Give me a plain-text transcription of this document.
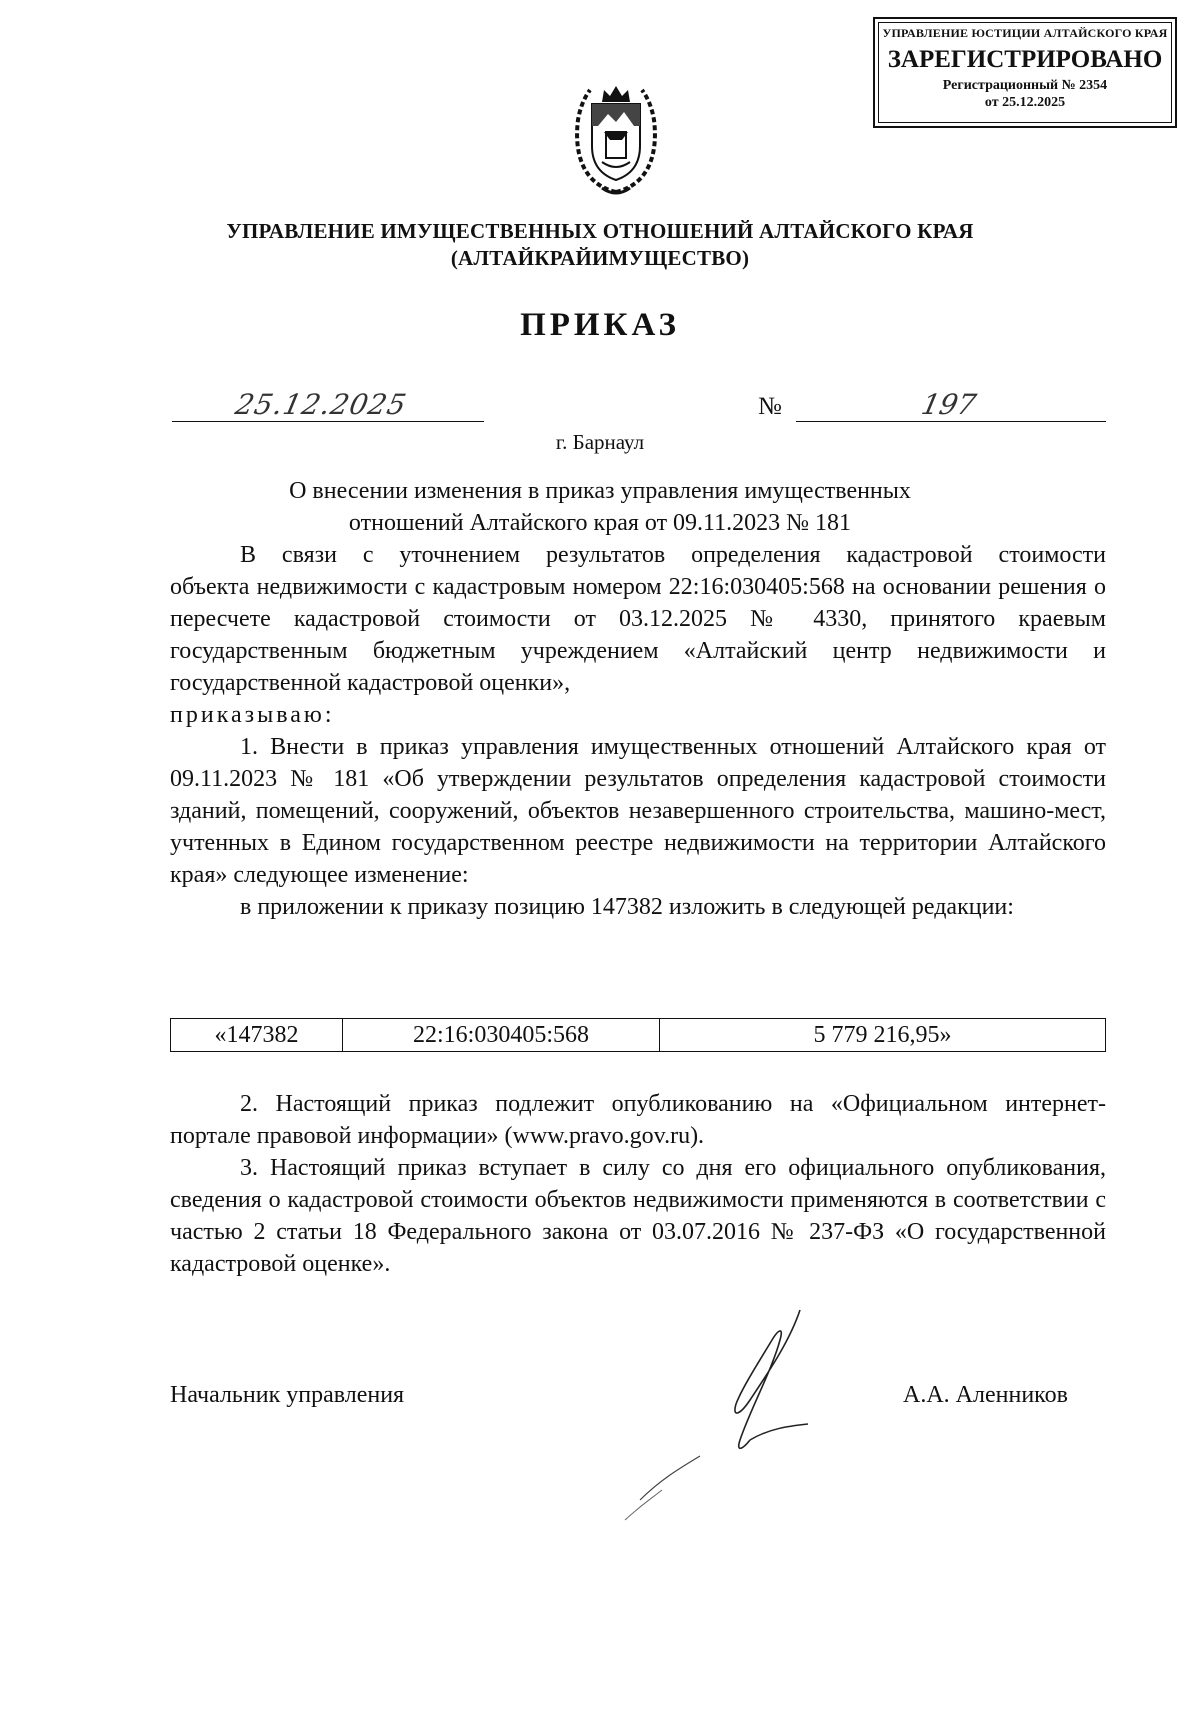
УПРАВЛЕНИЕ ЮСТИЦИИ АЛТАЙСКОГО КРАЯ
ЗАРЕГИСТРИРОВАНО
Регистрационный № 2354
от 25.12.2025
УПРАВЛЕНИЕ ИМУЩЕСТВЕННЫХ ОТНОШЕНИЙ АЛТАЙСКОГО КРАЯ
(АЛТАЙКРАЙИМУЩЕСТВО)
ПРИКАЗ
25.12.2025	№	197
г. Барнаул
О внесении изменения в приказ управления имущественных
отношений Алтайского края от 09.11.2023 № 181
В связи с уточнением результатов определения кадастровой стоимости

объекта недвижимости с кадастровым номером 22:16:030405:568 на основании решения о пересчете кадастровой стоимости от 03.12.2025 № 4330, принятого краевым государственным бюджетным учреждением «Алтайский центр недвижимости и государственной кадастровой оценки»,

приказываю:

1. Внести в приказ управления имущественных отношений Алтайского края от 09.11.2023 № 181 «Об утверждении результатов определения кадастровой стоимости зданий, помещений, сооружений, объектов незавершенного строительства, машино-мест, учтенных в Едином государственном реестре недвижимости на территории Алтайского края» следующее изменение:

в приложении к приказу позицию 147382 изложить в следующей редакции:

«147382	22:16:030405:568	5 779 216,95»

2. Настоящий приказ подлежит опубликованию на «Официальном интернет-портале правовой информации» (www.pravo.gov.ru).

3. Настоящий приказ вступает в силу со дня его официального опубликования, сведения о кадастровой стоимости объектов недвижимости применяются в соответствии с частью 2 статьи 18 Федерального закона от 03.07.2016 № 237-ФЗ «О государственной кадастровой оценке».

Начальник управления	А.А. Аленников
